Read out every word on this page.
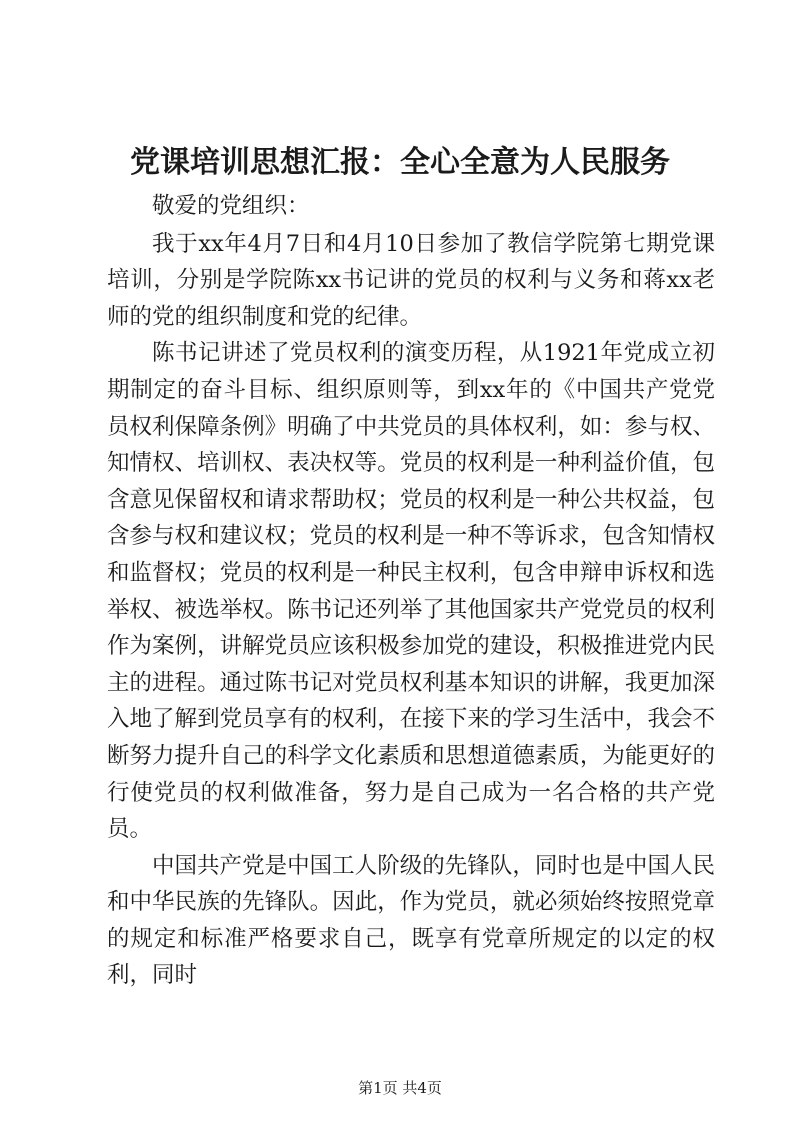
党课培训思想汇报：全心全意为人民服务

敬爱的党组织：

我于xx年4月7日和4月10日参加了教信学院第七期党课培训，分别是学院陈xx书记讲的党员的权利与义务和蒋xx老师的党的组织制度和党的纪律。

陈书记讲述了党员权利的演变历程，从1921年党成立初期制定的奋斗目标、组织原则等，到xx年的《中国共产党党员权利保障条例》明确了中共党员的具体权利，如：参与权、知情权、培训权、表决权等。党员的权利是一种利益价值，包含意见保留权和请求帮助权；党员的权利是一种公共权益，包含参与权和建议权；党员的权利是一种不等诉求，包含知情权和监督权；党员的权利是一种民主权利，包含申辩申诉权和选举权、被选举权。陈书记还列举了其他国家共产党党员的权利作为案例，讲解党员应该积极参加党的建设，积极推进党内民主的进程。通过陈书记对党员权利基本知识的讲解，我更加深入地了解到党员享有的权利，在接下来的学习生活中，我会不断努力提升自己的科学文化素质和思想道德素质，为能更好的行使党员的权利做准备，努力是自己成为一名合格的共产党员。

中国共产党是中国工人阶级的先锋队，同时也是中国人民和中华民族的先锋队。因此，作为党员，就必须始终按照党章的规定和标准严格要求自己，既享有党章所规定的以定的权利，同时

第1页 共4页
